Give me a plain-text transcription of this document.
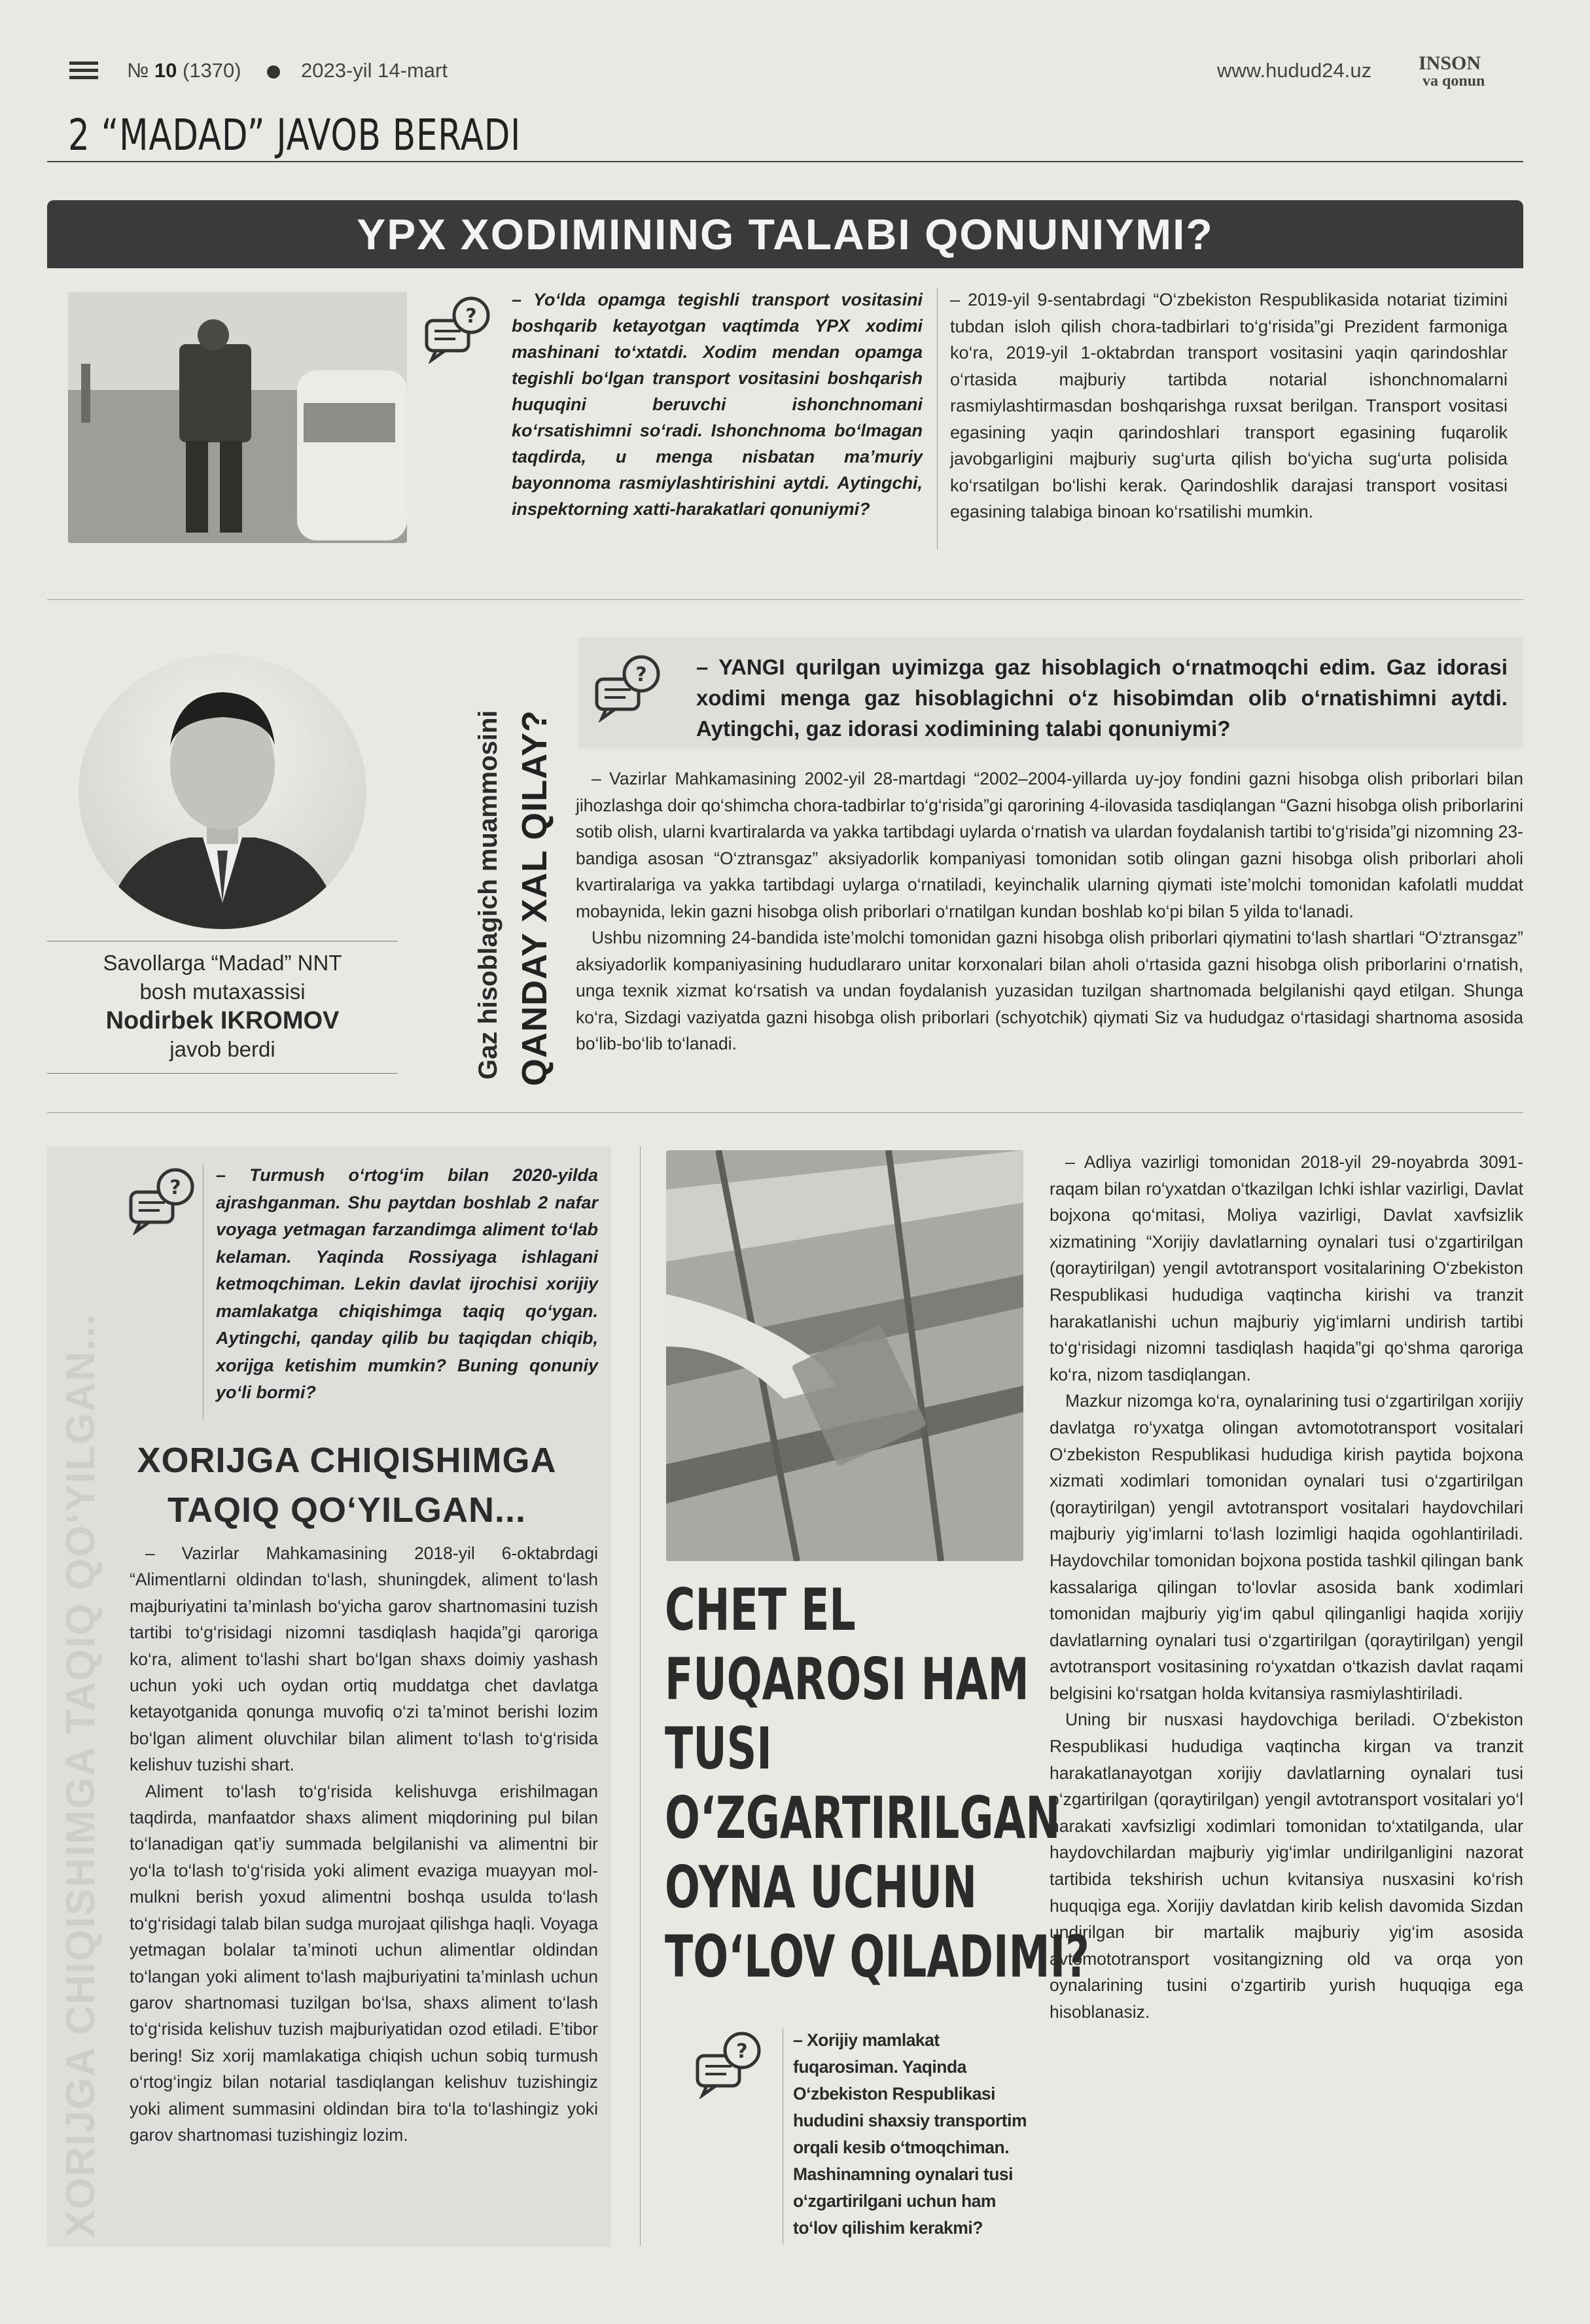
№ 10 (1370)	2023-yil 14-mart	www.hudud24.uz INSON
va qonun
2 “MADAD” JAVOB BERADI
YPX XODIMINING TALABI QONUNIYMI?
?
– Yo‘lda opamga tegishli transport vositasini boshqarib ketayotgan vaqtimda YPX xodimi mashinani to‘xtatdi. Xodim mendan opamga tegishli bo‘lgan transport vositasini boshqarish huquqini beruvchi ishonchnomani ko‘rsatishimni so‘radi. Ishonchnoma bo‘lmagan taqdirda, u menga nisbatan ma’muriy bayonnoma rasmiylashtirishini aytdi. Aytingchi, inspektorning xatti-harakatlari qonuniymi?
– 2019-yil 9-sentabrdagi “O‘zbekiston Respublikasida notariat tizimini tubdan isloh qilish chora-tadbirlari to‘g‘risida”gi Prezident farmoniga ko‘ra, 2019-yil 1-oktabrdan transport vositasini yaqin qarindoshlar o‘rtasida majburiy tartibda notarial ishonchnomalarni rasmiylashtirmasdan boshqarishga ruxsat berilgan. Transport vositasi egasining yaqin qarindoshlari transport egasining fuqarolik javobgarligini majburiy sug‘urta qilish bo‘yicha sug‘urta polisida ko‘rsatilgan bo‘lishi kerak. Qarindoshlik darajasi transport vositasi egasining talabiga binoan ko‘rsatilishi mumkin.
Savollarga “Madad” NNT
bosh mutaxassisi
Nodirbek IKROMOV
javob berdi	Gaz hisoblagich muammosini QANDAY XAL QILAY?
? – YANGI qurilgan uyimizga gaz hisoblagich o‘rnatmoqchi edim. Gaz idorasi xodimi menga gaz hisoblagichni o‘z hisobimdan olib o‘rnatishimni aytdi. Aytingchi, gaz idorasi xodimining talabi qonuniymi?

– Vazirlar Mahkamasining 2002-yil 28-martdagi “2002–2004-yillarda uy-joy fondini gazni hisobga olish priborlari bilan jihozlashga doir qo‘shimcha chora-tadbirlar to‘g‘risida”gi qarorining 4-ilovasida tasdiqlangan “Gazni hisobga olish priborlarini sotib olish, ularni kvartiralarda va yakka tartibdagi uylarda o‘rnatish va ulardan foydalanish tartibi to‘g‘risida”gi nizomning 23-bandiga asosan “O‘ztransgaz” aksiyadorlik kompaniyasi tomonidan sotib olingan gazni hisobga olish priborlari aholi kvartiralariga va yakka tartibdagi uylarga o‘rnatiladi, keyinchalik ularning qiymati iste’molchi tomonidan kafolatli muddat mobaynida, lekin gazni hisobga olish priborlari o‘rnatilgan kundan boshlab ko‘pi bilan 5 yilda to‘lanadi.

Ushbu nizomning 24-bandida iste’molchi tomonidan gazni hisobga olish priborlari qiymatini to‘lash shartlari “O‘ztransgaz” aksiyadorlik kompaniyasining hududlararo unitar korxonalari bilan aholi o‘rtasida gazni hisobga olish priborlarini o‘rnatish, unga texnik xizmat ko‘rsatish va undan foydalanish yuzasidan tuzilgan shartnomada belgilanishi qayd etilgan. Shunga ko‘ra, Sizdagi vaziyatda gazni hisobga olish priborlari (schyotchik) qiymati Siz va hududgaz o‘rtasidagi shartnoma asosida bo‘lib-bo‘lib to‘lanadi.

XORIJGA CHIQISHIMGA TAQIQ QO‘YILGAN...
?
– Turmush o‘rtog‘im bilan 2020-yilda ajrashganman. Shu paytdan boshlab 2 nafar voyaga yetmagan farzandimga aliment to‘lab kelaman. Yaqinda Rossiyaga ishlagani ketmoqchiman. Lekin davlat ijrochisi xorijiy mamlakatga chiqishimga taqiq qo‘ygan. Aytingchi, qanday qilib bu taqiqdan chiqib, xorijga ketishim mumkin? Buning qonuniy yo‘li bormi?
XORIJGA CHIQISHIMGA
TAQIQ QO‘YILGAN...

– Vazirlar Mahkamasining 2018-yil 6-oktabrdagi “Alimentlarni oldindan to‘lash, shuningdek, aliment to‘lash majburiyatini ta’minlash bo‘yicha garov shartnomasini tuzish tartibi to‘g‘risidagi nizomni tasdiqlash haqida”gi qaroriga ko‘ra, aliment to‘lashi shart bo‘lgan shaxs doimiy yashash uchun yoki uch oydan ortiq muddatga chet davlatga ketayotganida qonunga muvofiq o‘zi ta’minot berishi lozim bo‘lgan aliment oluvchilar bilan aliment to‘lash to‘g‘risida kelishuv tuzishi shart.

Aliment to‘lash to‘g‘risida kelishuvga erishilmagan taqdirda, manfaatdor shaxs aliment miqdorining pul bilan to‘lanadigan qat’iy summada belgilanishi va alimentni bir yo‘la to‘lash to‘g‘risida yoki aliment evaziga muayyan mol-mulkni berish yoxud alimentni boshqa usulda to‘lash to‘g‘risidagi talab bilan sudga murojaat qilishga haqli. Voyaga yetmagan bolalar ta’minoti uchun alimentlar oldindan to‘langan yoki aliment to‘lash majburiyatini ta’minlash uchun garov shartnomasi tuzilgan bo‘lsa, shaxs aliment to‘lash to‘g‘risida kelishuv tuzish majburiyatidan ozod etiladi. E’tibor bering! Siz xorij mamlakatiga chiqish uchun sobiq turmush o‘rtog‘ingiz bilan notarial tasdiqlangan kelishuv tuzishingiz yoki aliment summasini oldindan bira to‘la to‘lashingiz yoki garov shartnomasi tuzishingiz lozim.

CHET EL
FUQAROSI HAM
TUSI
O‘ZGARTIRILGAN
OYNA UCHUN
TO‘LOV QILADIMI?
?	– Xorijiy mamlakat fuqarosiman. Yaqinda O‘zbekiston Respublikasi hududini shaxsiy transportim orqali kesib o‘tmoqchiman. Mashinamning oynalari tusi o‘zgartirilgani uchun ham to‘lov qilishim kerakmi?

– Adliya vazirligi tomonidan 2018-yil 29-noyabrda 3091-raqam bilan ro‘yxatdan o‘tkazilgan Ichki ishlar vazirligi, Davlat bojxona qo‘mitasi, Moliya vazirligi, Davlat xavfsizlik xizmatining “Xorijiy davlatlarning oynalari tusi o‘zgartirilgan (qoraytirilgan) yengil avtotransport vositalarining O‘zbekiston Respublikasi hududiga vaqtincha kirishi va tranzit harakatlanishi uchun majburiy yig‘imlarni undirish tartibi to‘g‘risidagi nizomni tasdiqlash haqida”gi qo‘shma qaroriga ko‘ra, nizom tasdiqlangan.

Mazkur nizomga ko‘ra, oynalarining tusi o‘zgartirilgan xorijiy davlatga ro‘yxatga olingan avtomototransport vositalari O‘zbekiston Respublikasi hududiga kirish paytida bojxona xizmati xodimlari tomonidan oynalari tusi o‘zgartirilgan (qoraytirilgan) yengil avtotransport vositalari haydovchilari majburiy yig‘imlarni to‘lash lozimligi haqida ogohlantiriladi. Haydovchilar tomonidan bojxona postida tashkil qilingan bank kassalariga qilingan to‘lovlar asosida bank xodimlari tomonidan majburiy yig‘im qabul qilinganligi haqida xorijiy davlatlarning oynalari tusi o‘zgartirilgan (qoraytirilgan) yengil avtotransport vositasining ro‘yxatdan o‘tkazish davlat raqami belgisini ko‘rsatgan holda kvitansiya rasmiylashtiriladi.

Uning bir nusxasi haydovchiga beriladi. O‘zbekiston Respublikasi hududiga vaqtincha kirgan va tranzit harakatlanayotgan xorijiy davlatlarning oynalari tusi o‘zgartirilgan (qoraytirilgan) yengil avtotransport vositalari yo‘l harakati xavfsizligi xodimlari tomonidan to‘xtatilganda, ular haydovchilardan majburiy yig‘imlar undirilganligini nazorat tartibida tekshirish uchun kvitansiya nusxasini ko‘rish huquqiga ega. Xorijiy davlatdan kirib kelish davomida Sizdan undirilgan bir martalik majburiy yig‘im asosida avtomototransport vositangizning old va orqa yon oynalarining tusini o‘zgartirib yurish huquqiga ega hisoblanasiz.
